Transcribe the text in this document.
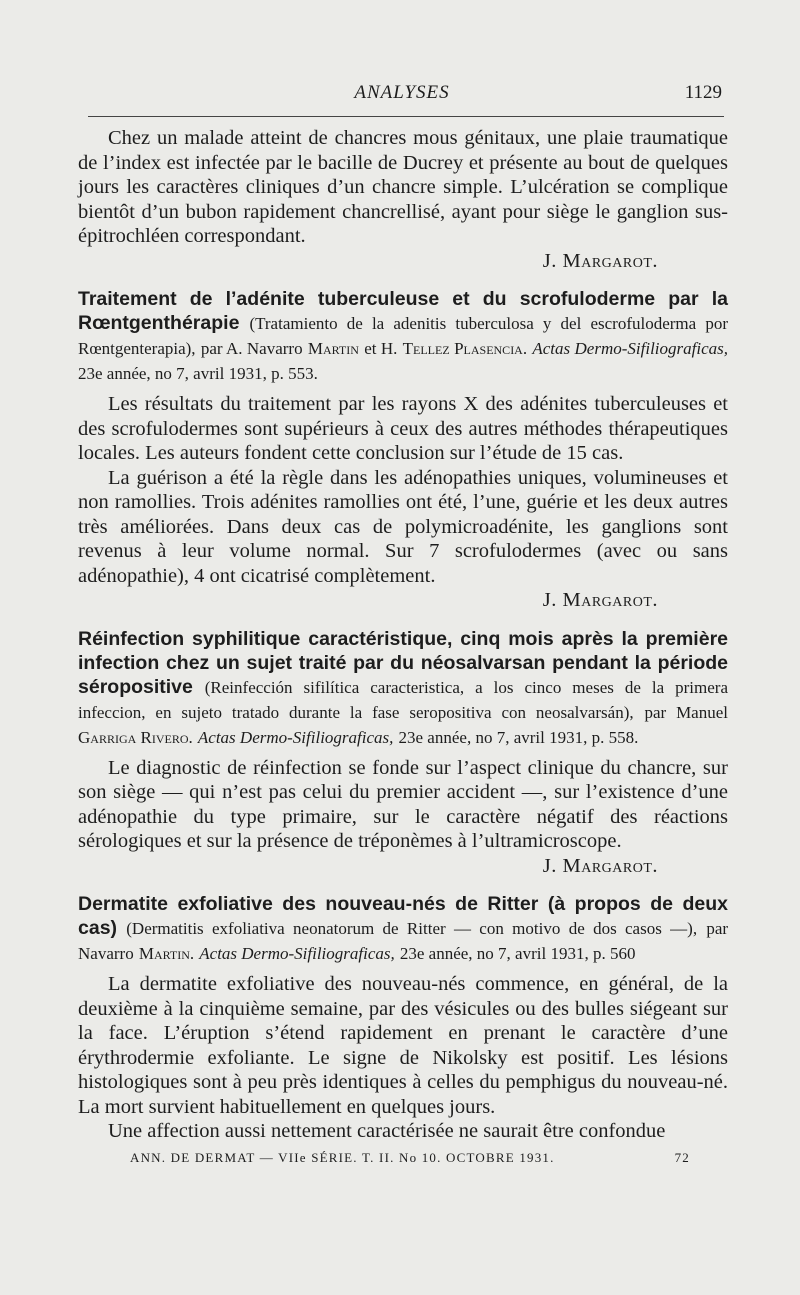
ANALYSES	1129

Chez un malade atteint de chancres mous génitaux, une plaie traumatique de l’index est infectée par le bacille de Ducrey et présente au bout de quelques jours les caractères cliniques d’un chancre simple. L’ulcération se complique bientôt d’un bubon rapidement chancrellisé, ayant pour siège le ganglion sus-épitrochléen correspondant.

J. Margarot.
Traitement de l’adénite tuberculeuse et du scrofuloderme par la Rœntgenthérapie (Tratamiento de la adenitis tuberculosa y del escrofuloderma por Rœntgenterapia), par A. Navarro Martin et H. Tellez Plasencia. Actas Dermo-Sifiliograficas, 23e année, no 7, avril 1931, p. 553.

Les résultats du traitement par les rayons X des adénites tuberculeuses et des scrofulodermes sont supérieurs à ceux des autres méthodes thérapeutiques locales. Les auteurs fondent cette conclusion sur l’étude de 15 cas.

La guérison a été la règle dans les adénopathies uniques, volumineuses et non ramollies. Trois adénites ramollies ont été, l’une, guérie et les deux autres très améliorées. Dans deux cas de polymicroadénite, les ganglions sont revenus à leur volume normal. Sur 7 scrofulodermes (avec ou sans adénopathie), 4 ont cicatrisé complètement.

J. Margarot.
Réinfection syphilitique caractéristique, cinq mois après la première infection chez un sujet traité par du néosalvarsan pendant la période séropositive (Reinfección sifilítica caracteristica, a los cinco meses de la primera infeccion, en sujeto tratado durante la fase seropositiva con neosalvarsán), par Manuel Garriga Rivero. Actas Dermo-Sifiliograficas, 23e année, no 7, avril 1931, p. 558.

Le diagnostic de réinfection se fonde sur l’aspect clinique du chancre, sur son siège — qui n’est pas celui du premier accident —, sur l’existence d’une adénopathie du type primaire, sur le caractère négatif des réactions sérologiques et sur la présence de tréponèmes à l’ultramicroscope.

J. Margarot.
Dermatite exfoliative des nouveau-nés de Ritter (à propos de deux cas) (Dermatitis exfoliativa neonatorum de Ritter — con motivo de dos casos —), par Navarro Martin. Actas Dermo-Sifiliograficas, 23e année, no 7, avril 1931, p. 560

La dermatite exfoliative des nouveau-nés commence, en général, de la deuxième à la cinquième semaine, par des vésicules ou des bulles siégeant sur la face. L’éruption s’étend rapidement en prenant le caractère d’une érythrodermie exfoliante. Le signe de Nikolsky est positif. Les lésions histologiques sont à peu près identiques à celles du pemphigus du nouveau-né. La mort survient habituellement en quelques jours.

Une affection aussi nettement caractérisée ne saurait être confondue

ANN. DE DERMAT — VIIe SÉRIE. T. II. No 10. OCTOBRE 1931.	72
